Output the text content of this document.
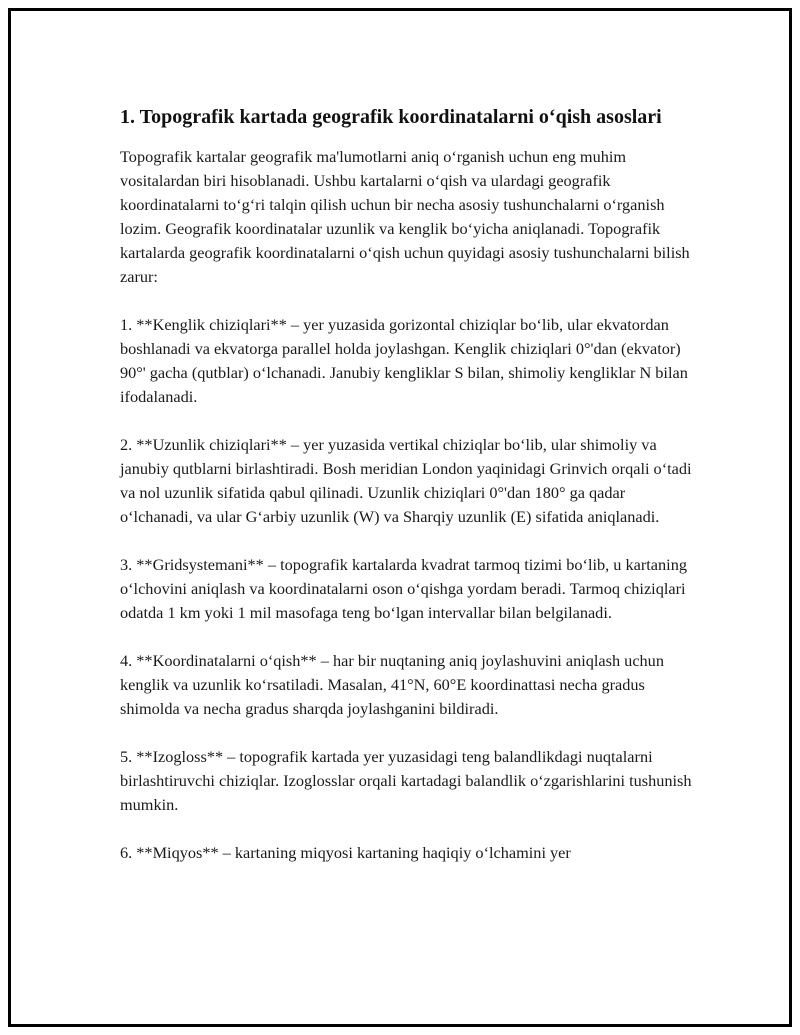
1. Topografik kartada geografik koordinatalarni o‘qish asoslari

Topografik kartalar geografik ma'lumotlarni aniq o‘rganish uchun eng muhim vositalardan biri hisoblanadi. Ushbu kartalarni o‘qish va ulardagi geografik koordinatalarni to‘g‘ri talqin qilish uchun bir necha asosiy tushunchalarni o‘rganish lozim. Geografik koordinatalar uzunlik va kenglik bo‘yicha aniqlanadi. Topografik kartalarda geografik koordinatalarni o‘qish uchun quyidagi asosiy tushunchalarni bilish zarur:

1. **Kenglik chiziqlari** – yer yuzasida gorizontal chiziqlar bo‘lib, ular ekvatordan boshlanadi va ekvatorga parallel holda joylashgan. Kenglik chiziqlari 0°'dan (ekvator) 90°' gacha (qutblar) o‘lchanadi. Janubiy kengliklar S bilan, shimoliy kengliklar N bilan ifodalanadi.

2. **Uzunlik chiziqlari** – yer yuzasida vertikal chiziqlar bo‘lib, ular shimoliy va janubiy qutblarni birlashtiradi. Bosh meridian London yaqinidagi Grinvich orqali o‘tadi va nol uzunlik sifatida qabul qilinadi. Uzunlik chiziqlari 0°'dan 180° ga qadar o‘lchanadi, va ular G‘arbiy uzunlik (W) va Sharqiy uzunlik (E) sifatida aniqlanadi.

3. **Gridsystemani** – topografik kartalarda kvadrat tarmoq tizimi bo‘lib, u kartaning o‘lchovini aniqlash va koordinatalarni oson o‘qishga yordam beradi. Tarmoq chiziqlari odatda 1 km yoki 1 mil masofaga teng bo‘lgan intervallar bilan belgilanadi.

4. **Koordinatalarni o‘qish** – har bir nuqtaning aniq joylashuvini aniqlash uchun kenglik va uzunlik ko‘rsatiladi. Masalan, 41°N, 60°E koordinattasi necha gradus shimolda va necha gradus sharqda joylashganini bildiradi.

5. **Izogloss** – topografik kartada yer yuzasidagi teng balandlikdagi nuqtalarni birlashtiruvchi chiziqlar. Izoglosslar orqali kartadagi balandlik o‘zgarishlarini tushunish mumkin.

6. **Miqyos** – kartaning miqyosi kartaning haqiqiy o‘lchamini yer
